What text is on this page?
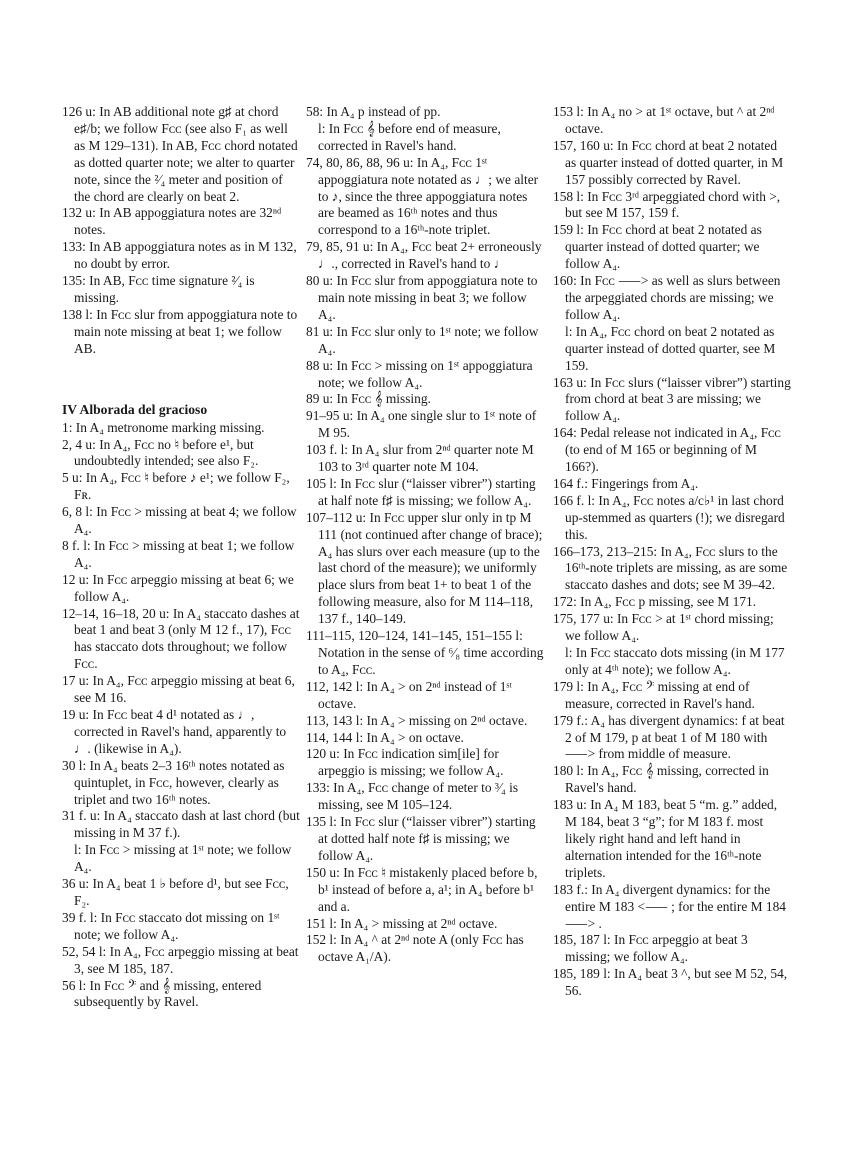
126 u: In AB additional note g♯ at chord e♯/b; we follow Fᴄᴄ (see also F₁ as well as M 129–131). In AB, Fᴄᴄ chord notated as dotted quarter note; we alter to quarter note, since the ²⁄₄ meter and position of the chord are clearly on beat 2.

132 u: In AB appoggiatura notes are 32ⁿᵈ notes.

133: In AB appoggiatura notes as in M 132, no doubt by error.

135: In AB, Fᴄᴄ time signature ²⁄₄ is missing.

138 l: In Fᴄᴄ slur from appoggiatura note to main note missing at beat 1; we follow AB.

IV Alborada del gracioso

1: In A₄ metronome marking missing.

2, 4 u: In A₄, Fᴄᴄ no ♮ before e¹, but undoubtedly intended; see also F₂.

5 u: In A₄, Fᴄᴄ ♮ before ♪ e¹; we follow F₂, Fʀ.

6, 8 l: In Fᴄᴄ > missing at beat 4; we follow A₄.

8 f. l: In Fᴄᴄ > missing at beat 1; we follow A₄.

12 u: In Fᴄᴄ arpeggio missing at beat 6; we follow A₄.

12–14, 16–18, 20 u: In A₄ staccato dashes at beat 1 and beat 3 (only M 12 f., 17), Fᴄᴄ has staccato dots throughout; we follow Fᴄᴄ.

17 u: In A₄, Fᴄᴄ arpeggio missing at beat 6, see M 16.

19 u: In Fᴄᴄ beat 4 d¹ notated as ♩, corrected in Ravel's hand, apparently to ♩. (likewise in A₄).

30 l: In A₄ beats 2–3 16ᵗʰ notes notated as quintuplet, in Fᴄᴄ, however, clearly as triplet and two 16ᵗʰ notes.

31 f. u: In A₄ staccato dash at last chord (but missing in M 37 f.).

l: In Fᴄᴄ > missing at 1ˢᵗ note; we follow A₄.

36 u: In A₄ beat 1 ♭ before d¹, but see Fᴄᴄ, F₂.

39 f. l: In Fᴄᴄ staccato dot missing on 1ˢᵗ note; we follow A₄.

52, 54 l: In A₄, Fᴄᴄ arpeggio missing at beat 3, see M 185, 187.

56 l: In Fᴄᴄ 𝄢 and 𝄞 missing, entered subsequently by Ravel.

58: In A₄ p instead of pp.

l: In Fᴄᴄ 𝄞 before end of measure, corrected in Ravel's hand.

74, 80, 86, 88, 96 u: In A₄, Fᴄᴄ 1ˢᵗ appoggiatura note notated as ♩; we alter to ♪, since the three appoggiatura notes are beamed as 16ᵗʰ notes and thus correspond to a 16ᵗʰ-note triplet.

79, 85, 91 u: In A₄, Fᴄᴄ beat 2+ erroneously ♩., corrected in Ravel's hand to ♩

80 u: In Fᴄᴄ slur from appoggiatura note to main note missing in beat 3; we follow A₄.

81 u: In Fᴄᴄ slur only to 1ˢᵗ note; we follow A₄.

88 u: In Fᴄᴄ > missing on 1ˢᵗ appoggiatura note; we follow A₄.

89 u: In Fᴄᴄ 𝄞 missing.

91–95 u: In A₄ one single slur to 1ˢᵗ note of M 95.

103 f. l: In A₄ slur from 2ⁿᵈ quarter note M 103 to 3ʳᵈ quarter note M 104.

105 l: In Fᴄᴄ slur (“laisser vibrer”) starting at half note f♯ is missing; we follow A₄.

107–112 u: In Fᴄᴄ upper slur only in tp M 111 (not continued after change of brace); A₄ has slurs over each measure (up to the last chord of the measure); we uniformly place slurs from beat 1+ to beat 1 of the following measure, also for M 114–118, 137 f., 140–149.

111–115, 120–124, 141–145, 151–155 l: Notation in the sense of ⁶⁄₈ time according to A₄, Fᴄᴄ.

112, 142 l: In A₄ > on 2ⁿᵈ instead of 1ˢᵗ octave.

113, 143 l: In A₄ > missing on 2ⁿᵈ octave.

114, 144 l: In A₄ > on octave.

120 u: In Fᴄᴄ indication sim[ile] for arpeggio is missing; we follow A₄.

133: In A₄, Fᴄᴄ change of meter to ³⁄₄ is missing, see M 105–124.

135 l: In Fᴄᴄ slur (“laisser vibrer”) starting at dotted half note f♯ is missing; we follow A₄.

150 u: In Fᴄᴄ ♮ mistakenly placed before b, b¹ instead of before a, a¹; in A₄ before b¹ and a.

151 l: In A₄ > missing at 2ⁿᵈ octave.

152 l: In A₄ ^ at 2ⁿᵈ note A (only Fᴄᴄ has octave A₁/A).

153 l: In A₄ no > at 1ˢᵗ octave, but ^ at 2ⁿᵈ octave.

157, 160 u: In Fᴄᴄ chord at beat 2 notated as quarter instead of dotted quarter, in M 157 possibly corrected by Ravel.

158 l: In Fᴄᴄ 3ʳᵈ arpeggiated chord with >, but see M 157, 159 f.

159 l: In Fᴄᴄ chord at beat 2 notated as quarter instead of dotted quarter; we follow A₄.

160: In Fᴄᴄ ⸺> as well as slurs between the arpeggiated chords are missing; we follow A₄.

l: In A₄, Fᴄᴄ chord on beat 2 notated as quarter instead of dotted quarter, see M 159.

163 u: In Fᴄᴄ slurs (“laisser vibrer”) starting from chord at beat 3 are missing; we follow A₄.

164: Pedal release not indicated in A₄, Fᴄᴄ (to end of M 165 or beginning of M 166?).

164 f.: Fingerings from A₄.

166 f. l: In A₄, Fᴄᴄ notes a/c♭¹ in last chord up-stemmed as quarters (!); we disregard this.

166–173, 213–215: In A₄, Fᴄᴄ slurs to the 16ᵗʰ-note triplets are missing, as are some staccato dashes and dots; see M 39–42.

172: In A₄, Fᴄᴄ p missing, see M 171.

175, 177 u: In Fᴄᴄ > at 1ˢᵗ chord missing; we follow A₄.

l: In Fᴄᴄ staccato dots missing (in M 177 only at 4ᵗʰ note); we follow A₄.

179 l: In A₄, Fᴄᴄ 𝄢 missing at end of measure, corrected in Ravel's hand.

179 f.: A₄ has divergent dynamics: f at beat 2 of M 179, p at beat 1 of M 180 with ⸺> from middle of measure.

180 l: In A₄, Fᴄᴄ 𝄞 missing, corrected in Ravel's hand.

183 u: In A₄ M 183, beat 5 “m. g.” added, M 184, beat 3 “g”; for M 183 f. most likely right hand and left hand in alternation intended for the 16ᵗʰ-note triplets.

183 f.: In A₄ divergent dynamics: for the entire M 183 <⸺ ; for the entire M 184 ⸺> .

185, 187 l: In Fᴄᴄ arpeggio at beat 3 missing; we follow A₄.

185, 189 l: In A₄ beat 3 ^, but see M 52, 54, 56.
